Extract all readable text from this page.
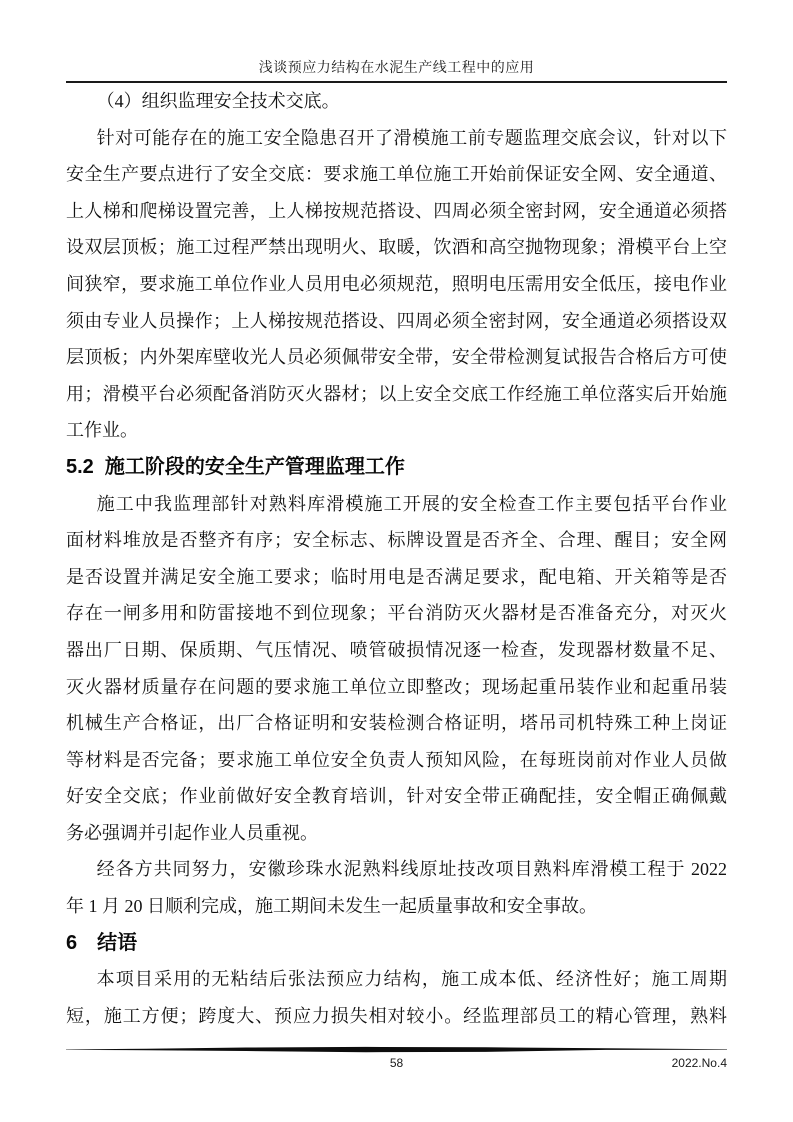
浅谈预应力结构在水泥生产线工程中的应用
（4）组织监理安全技术交底。
针对可能存在的施工安全隐患召开了滑模施工前专题监理交底会议，针对以下
安全生产要点进行了安全交底：要求施工单位施工开始前保证安全网、安全通道、
上人梯和爬梯设置完善，上人梯按规范搭设、四周必须全密封网，安全通道必须搭
设双层顶板；施工过程严禁出现明火、取暖，饮酒和高空抛物现象；滑模平台上空
间狭窄，要求施工单位作业人员用电必须规范，照明电压需用安全低压，接电作业
须由专业人员操作；上人梯按规范搭设、四周必须全密封网，安全通道必须搭设双
层顶板；内外架库壁收光人员必须佩带安全带，安全带检测复试报告合格后方可使
用；滑模平台必须配备消防灭火器材；以上安全交底工作经施工单位落实后开始施
工作业。
5.2  施工阶段的安全生产管理监理工作
施工中我监理部针对熟料库滑模施工开展的安全检查工作主要包括平台作业
面材料堆放是否整齐有序；安全标志、标牌设置是否齐全、合理、醒目；安全网
是否设置并满足安全施工要求；临时用电是否满足要求，配电箱、开关箱等是否
存在一闸多用和防雷接地不到位现象；平台消防灭火器材是否准备充分，对灭火
器出厂日期、保质期、气压情况、喷管破损情况逐一检查，发现器材数量不足、
灭火器材质量存在问题的要求施工单位立即整改；现场起重吊装作业和起重吊装
机械生产合格证，出厂合格证明和安装检测合格证明，塔吊司机特殊工种上岗证
等材料是否完备；要求施工单位安全负责人预知风险，在每班岗前对作业人员做
好安全交底；作业前做好安全教育培训，针对安全带正确配挂，安全帽正确佩戴
务必强调并引起作业人员重视。
经各方共同努力，安徽珍珠水泥熟料线原址技改项目熟料库滑模工程于 2022
年 1 月 20 日顺利完成，施工期间未发生一起质量事故和安全事故。
6　结语
本项目采用的无粘结后张法预应力结构，施工成本低、经济性好；施工周期
短，施工方便；跨度大、预应力损失相对较小。经监理部员工的精心管理，熟料
58	2022.No.4
